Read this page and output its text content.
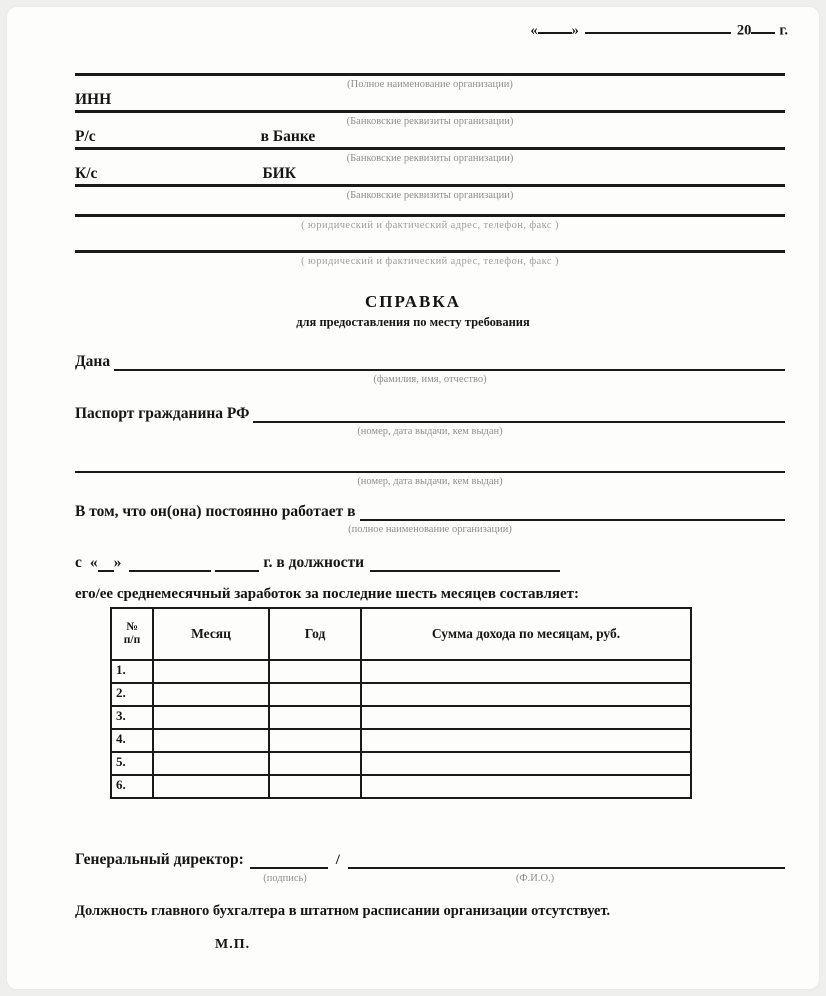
« »	20 г.
(Полное наименование организации)
ИНН
(Банковские реквизиты организации)
Р/с	в Банке
(Банковские реквизиты организации)
К/с	БИК
(Банковские реквизиты организации)
( юридический и фактический адрес, телефон, факс )
( юридический и фактический адрес, телефон, факс )
СПРАВКА
для предоставления по месту требования
Дана
(фамилия, имя, отчество)
Паспорт гражданина РФ
(номер, дата выдачи, кем выдан)
(номер, дата выдачи, кем выдан)
В том, что он(она) постоянно работает в
(полное наименование организации)
с « »	г. в должности
его/ее среднемесячный заработок за последние шесть месяцев составляет:
№
п/п	Месяц	Год	Сумма дохода по месяцам, руб.
1.			
2.			
3.			
4.			
5.			
6.			
Генеральный директор:	/
(подпись)	(Ф.И.О.)
Должность главного бухгалтера в штатном расписании организации отсутствует.
М.П.
